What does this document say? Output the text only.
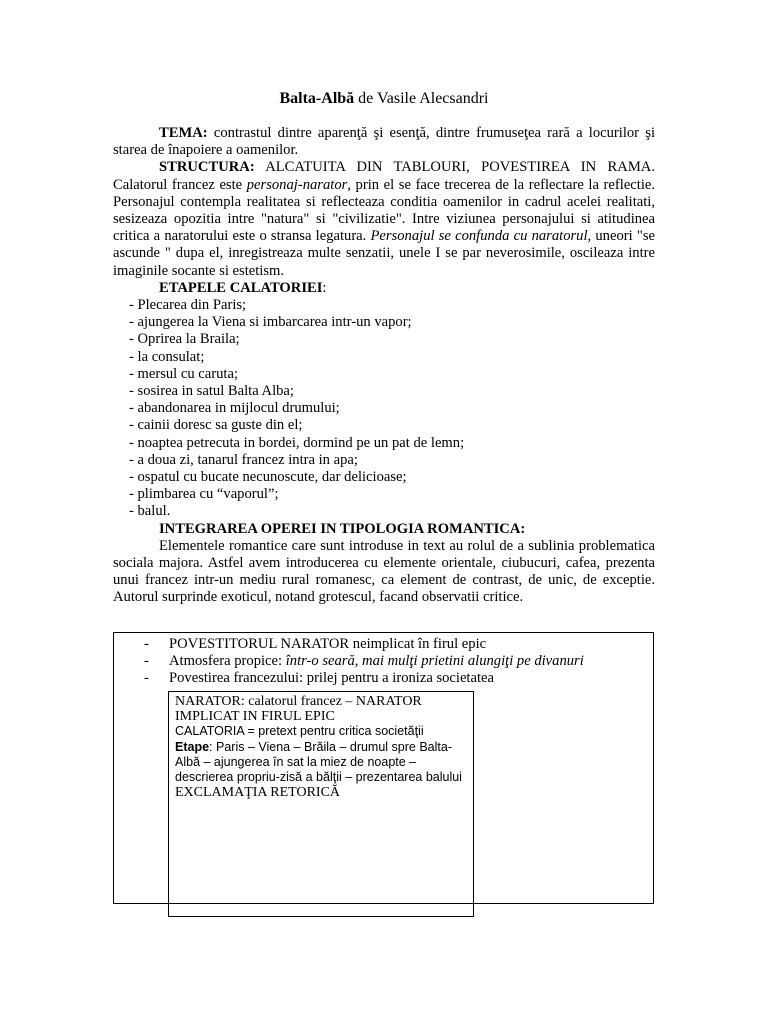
Balta-Albă de Vasile Alecsandri

TEMA: contrastul dintre aparenţă şi esenţă, dintre frumuseţea rară a locurilor şi starea de înapoiere a oamenilor.

STRUCTURA: ALCATUITA DIN TABLOURI, POVESTIREA IN RAMA. Calatorul francez este personaj-narator, prin el se face trecerea de la reflectare la reflectie. Personajul contempla realitatea si reflecteaza conditia oamenilor in cadrul acelei realitati, sesizeaza opozitia intre "natura" si "civilizatie". Intre viziunea personajului si atitudinea critica a naratorului este o stransa legatura. Personajul se confunda cu naratorul, uneori "se ascunde " dupa el, inregistreaza multe senzatii, unele I se par neverosimile, oscileaza intre imaginile socante si estetism.

ETAPELE CALATORIEI:

- Plecarea din Paris;
- ajungerea la Viena si imbarcarea intr-un vapor;
- Oprirea la Braila;
- la consulat;
- mersul cu caruta;
- sosirea in satul Balta Alba;
- abandonarea in mijlocul drumului;
- cainii doresc sa guste din el;
- noaptea petrecuta in bordei, dormind pe un pat de lemn;
- a doua zi, tanarul francez intra in apa;
- ospatul cu bucate necunoscute, dar delicioase;
- plimbarea cu “vaporul”;
- balul.

INTEGRAREA OPEREI IN TIPOLOGIA ROMANTICA:

Elementele romantice care sunt introduse in text au rolul de a sublinia problematica sociala majora. Astfel avem introducerea cu elemente orientale, ciubucuri, cafea, prezenta unui francez intr-un mediu rural romanesc, ca element de contrast, de unic, de exceptie. Autorul surprinde exoticul, notand grotescul, facand observatii critice.

- POVESTITORUL NARATOR neimplicat în firul epic
- Atmosfera propice: într-o seară, mai mulţi prietini alungiţi pe divanuri
- Povestirea francezului: prilej pentru a ironiza societatea

NARATOR: calatorul francez – NARATOR IMPLICAT IN FIRUL EPIC

CALATORIA = pretext pentru critica societăţii

Etape: Paris – Viena – Brăila – drumul spre Balta-Albă – ajungerea în sat la miez de noapte – descrierea propriu-zisă a bălţii – prezentarea balului

EXCLAMAŢIA RETORICĂ
